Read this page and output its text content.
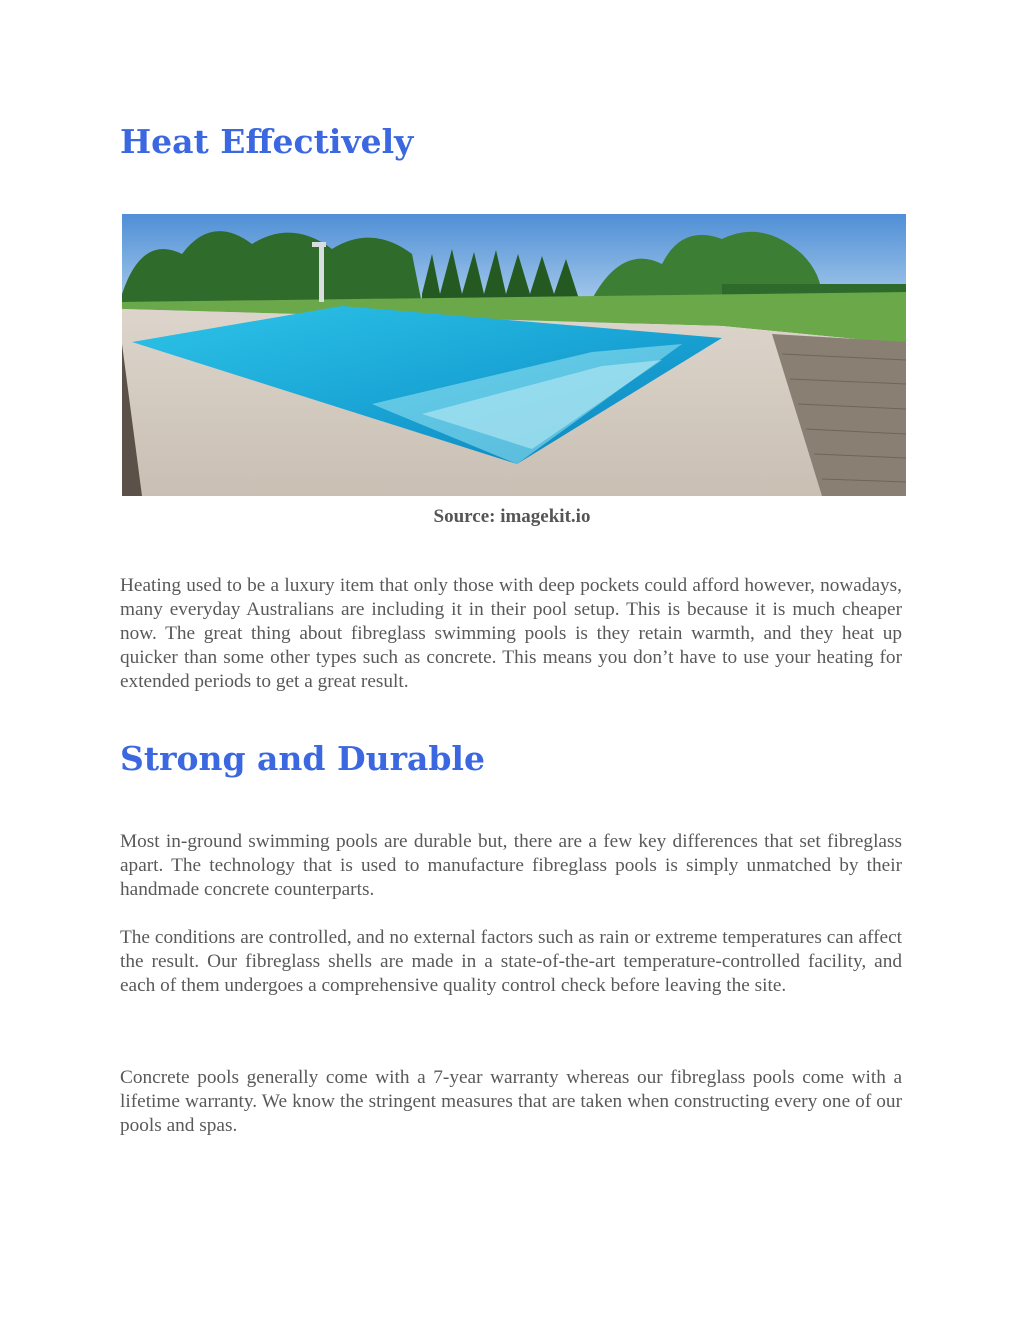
Heat Effectively
Source: imagekit.io

Heating used to be a luxury item that only those with deep pockets could afford however, nowadays, many everyday Australians are including it in their pool setup. This is because it is much cheaper now. The great thing about fibreglass swimming pools is they retain warmth, and they heat up quicker than some other types such as concrete. This means you don’t have to use your heating for extended periods to get a great result.

Strong and Durable

Most in-ground swimming pools are durable but, there are a few key differences that set fibreglass apart. The technology that is used to manufacture fibreglass pools is simply unmatched by their handmade concrete counterparts.

The conditions are controlled, and no external factors such as rain or extreme temperatures can affect the result. Our fibreglass shells are made in a state-of-the-art temperature-controlled facility, and each of them undergoes a comprehensive quality control check before leaving the site.

Concrete pools generally come with a 7-year warranty whereas our fibreglass pools come with a lifetime warranty. We know the stringent measures that are taken when constructing every one of our pools and spas.
